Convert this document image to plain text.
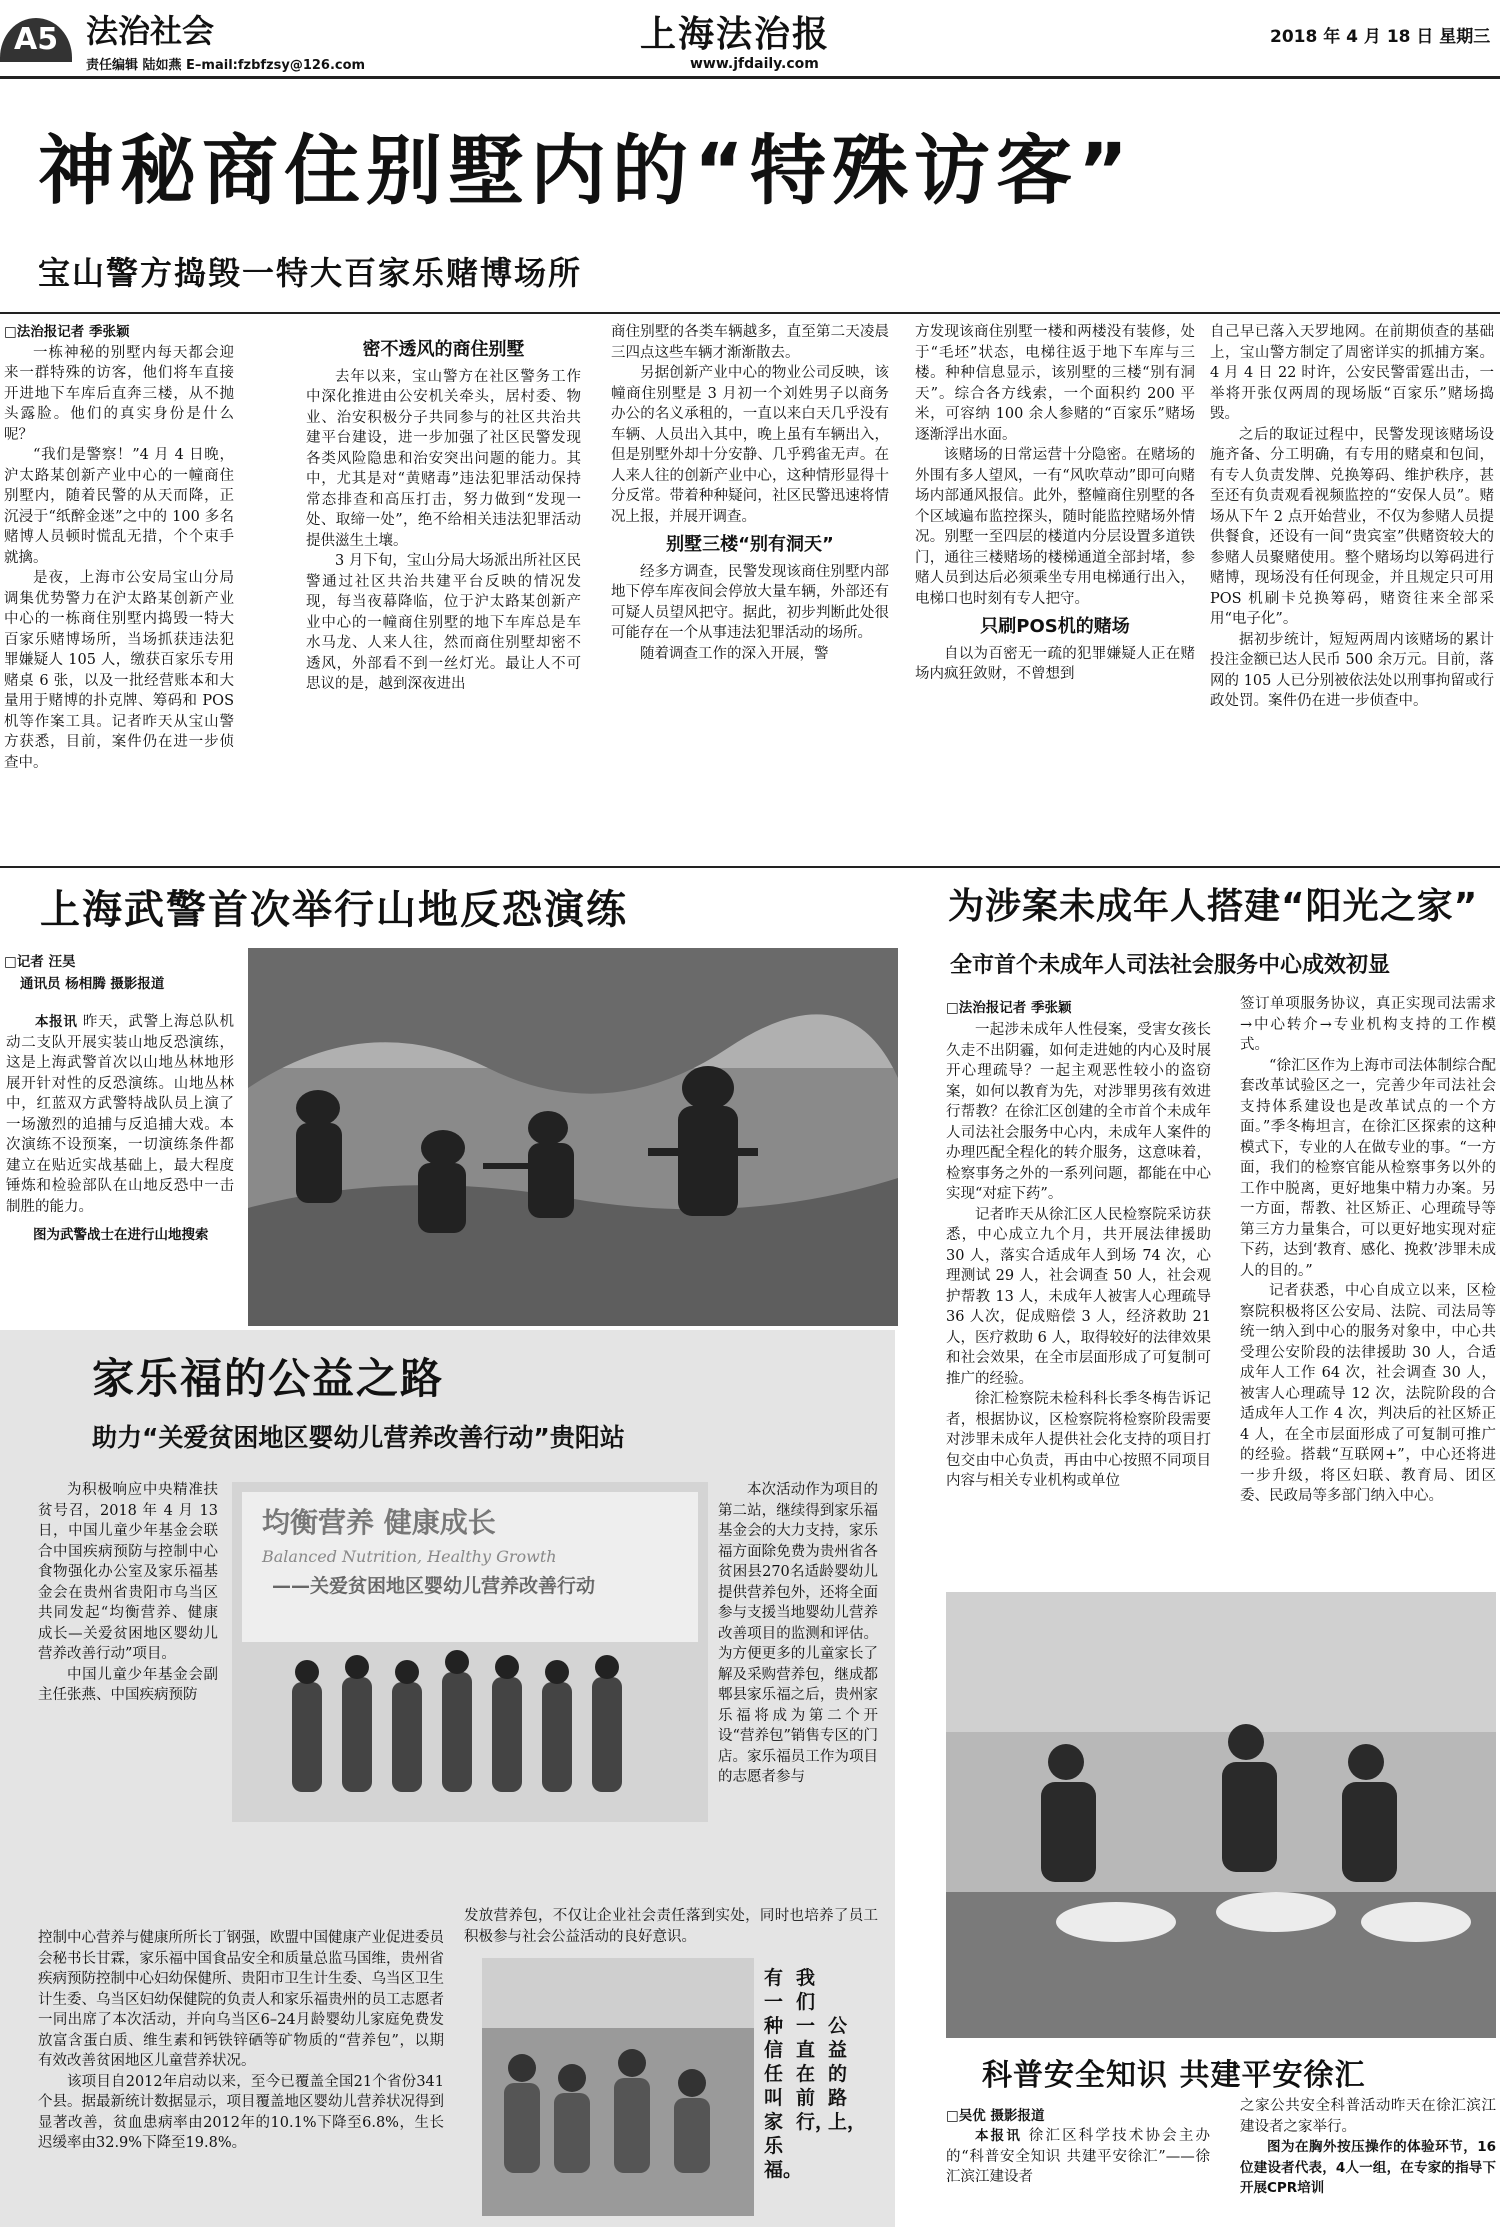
A5 法治社会
责任编辑 陆如燕 E–mail:fzbfzsy@126.com
上海法治报
www.jfdaily.com
2018 年 4 月 18 日 星期三
神秘商住别墅内的“特殊访客”
宝山警方捣毁一特大百家乐赌博场所
□法治报记者 季张颖

一栋神秘的别墅内每天都会迎来一群特殊的访客，他们将车直接开进地下车库后直奔三楼，从不抛头露脸。他们的真实身份是什么呢？

“我们是警察！”4 月 4 日晚，沪太路某创新产业中心的一幢商住别墅内，随着民警的从天而降，正沉浸于“纸醉金迷”之中的 100 多名赌博人员顿时慌乱无措，个个束手就擒。

是夜，上海市公安局宝山分局调集优势警力在沪太路某创新产业中心的一栋商住别墅内捣毁一特大百家乐赌博场所，当场抓获违法犯罪嫌疑人 105 人，缴获百家乐专用赌桌 6 张，以及一批经营账本和大量用于赌博的扑克牌、筹码和 POS 机等作案工具。记者昨天从宝山警方获悉，目前，案件仍在进一步侦查中。

密不透风的商住别墅

去年以来，宝山警方在社区警务工作中深化推进由公安机关牵头，居村委、物业、治安积极分子共同参与的社区共治共建平台建设，进一步加强了社区民警发现各类风险隐患和治安突出问题的能力。其中，尤其是对“黄赌毒”违法犯罪活动保持常态排查和高压打击，努力做到“发现一处、取缔一处”，绝不给相关违法犯罪活动提供滋生土壤。

3 月下旬，宝山分局大场派出所社区民警通过社区共治共建平台反映的情况发现，每当夜幕降临，位于沪太路某创新产业中心的一幢商住别墅的地下车库总是车水马龙、人来人往，然而商住别墅却密不透风，外部看不到一丝灯光。最让人不可思议的是，越到深夜进出

商住别墅的各类车辆越多，直至第二天凌晨三四点这些车辆才渐渐散去。

另据创新产业中心的物业公司反映，该幢商住别墅是 3 月初一个刘姓男子以商务办公的名义承租的，一直以来白天几乎没有车辆、人员出入其中，晚上虽有车辆出入，但是别墅外却十分安静、几乎鸦雀无声。在人来人往的创新产业中心，这种情形显得十分反常。带着种种疑问，社区民警迅速将情况上报，并展开调查。

别墅三楼“别有洞天”

经多方调查，民警发现该商住别墅内部地下停车库夜间会停放大量车辆，外部还有可疑人员望风把守。据此，初步判断此处很可能存在一个从事违法犯罪活动的场所。

随着调查工作的深入开展，警

方发现该商住别墅一楼和两楼没有装修，处于“毛坯”状态，电梯往返于地下车库与三楼。种种信息显示，该别墅的三楼“别有洞天”。综合各方线索，一个面积约 200 平米，可容纳 100 余人参赌的“百家乐”赌场逐渐浮出水面。

该赌场的日常运营十分隐密。在赌场的外围有多人望风，一有“风吹草动”即可向赌场内部通风报信。此外，整幢商住别墅的各个区域遍布监控探头，随时能监控赌场外情况。别墅一至四层的楼道内分层设置多道铁门，通往三楼赌场的楼梯通道全部封堵，参赌人员到达后必须乘坐专用电梯通行出入，电梯口也时刻有专人把守。

只刷POS机的赌场

自以为百密无一疏的犯罪嫌疑人正在赌场内疯狂敛财，不曾想到

自己早已落入天罗地网。在前期侦查的基础上，宝山警方制定了周密详实的抓捕方案。4 月 4 日 22 时许，公安民警雷霆出击，一举将开张仅两周的现场版“百家乐”赌场捣毁。

之后的取证过程中，民警发现该赌场设施齐备、分工明确，有专用的赌桌和包间，有专人负责发牌、兑换筹码、维护秩序，甚至还有负责观看视频监控的“安保人员”。赌场从下午 2 点开始营业，不仅为参赌人员提供餐食，还设有一间“贵宾室”供赌资较大的参赌人员聚赌使用。整个赌场均以筹码进行赌博，现场没有任何现金，并且规定只可用 POS 机刷卡兑换筹码，赌资往来全部采用“电子化”。

据初步统计，短短两周内该赌场的累计投注金额已达人民币 500 余万元。目前，落网的 105 人已分别被依法处以刑事拘留或行政处罚。案件仍在进一步侦查中。

上海武警首次举行山地反恐演练
□记者 汪昊
通讯员 杨相腾 摄影报道

本报讯 昨天，武警上海总队机动二支队开展实装山地反恐演练，这是上海武警首次以山地丛林地形展开针对性的反恐演练。山地丛林中，红蓝双方武警特战队员上演了一场激烈的追捕与反追捕大戏。本次演练不设预案，一切演练条件都建立在贴近实战基础上，最大程度锤炼和检验部队在山地反恐中一击制胜的能力。

图为武警战士在进行山地搜索

为涉案未成年人搭建“阳光之家”
全市首个未成年人司法社会服务中心成效初显
□法治报记者 季张颖

一起涉未成年人性侵案，受害女孩长久走不出阴霾，如何走进她的内心及时展开心理疏导？一起主观恶性较小的盗窃案，如何以教育为先，对涉罪男孩有效进行帮教？在徐汇区创建的全市首个未成年人司法社会服务中心内，未成年人案件的办理匹配全程化的转介服务，这意味着，检察事务之外的一系列问题，都能在中心实现“对症下药”。

记者昨天从徐汇区人民检察院采访获悉，中心成立九个月，共开展法律援助 30 人，落实合适成年人到场 74 次，心理测试 29 人，社会调查 50 人，社会观护帮教 13 人，未成年人被害人心理疏导 36 人次，促成赔偿 3 人，经济救助 21 人，医疗救助 6 人，取得较好的法律效果和社会效果，在全市层面形成了可复制可推广的经验。

徐汇检察院未检科科长季冬梅告诉记者，根据协议，区检察院将检察阶段需要对涉罪未成年人提供社会化支持的项目打包交由中心负责，再由中心按照不同项目内容与相关专业机构或单位

签订单项服务协议，真正实现司法需求→中心转介→专业机构支持的工作模式。

“徐汇区作为上海市司法体制综合配套改革试验区之一，完善少年司法社会支持体系建设也是改革试点的一个方面。”季冬梅坦言，在徐汇区探索的这种模式下，专业的人在做专业的事。“一方面，我们的检察官能从检察事务以外的工作中脱离，更好地集中精力办案。另一方面，帮教、社区矫正、心理疏导等第三方力量集合，可以更好地实现对症下药，达到‘教育、感化、挽救’涉罪未成人的目的。”

记者获悉，中心自成立以来，区检察院积极将区公安局、法院、司法局等统一纳入到中心的服务对象中，中心共受理公安阶段的法律援助 30 人，合适成年人工作 64 次，社会调查 30 人，被害人心理疏导 12 次，法院阶段的合适成年人工作 4 次，判决后的社区矫正 4 人，在全市层面形成了可复制可推广的经验。搭载“互联网+”，中心还将进一步升级，将区妇联、教育局、团区委、民政局等多部门纳入中心。

家乐福的公益之路
助力“关爱贫困地区婴幼儿营养改善行动”贵阳站

为积极响应中央精准扶贫号召，2018 年 4 月 13 日，中国儿童少年基金会联合中国疾病预防与控制中心食物强化办公室及家乐福基金会在贵州省贵阳市乌当区共同发起“均衡营养、健康成长—关爱贫困地区婴幼儿营养改善行动”项目。

中国儿童少年基金会副主任张燕、中国疾病预防

均衡营养 健康成长
Balanced Nutrition, Healthy Growth
——关爱贫困地区婴幼儿营养改善行动

本次活动作为项目的第二站，继续得到家乐福基金会的大力支持，家乐福方面除免费为贵州省各贫困县270名适龄婴幼儿提供营养包外，还将全面参与支援当地婴幼儿营养改善项目的监测和评估。为方便更多的儿童家长了解及采购营养包，继成都郫县家乐福之后，贵州家乐福将成为第二个开设“营养包”销售专区的门店。家乐福员工作为项目的志愿者参与

控制中心营养与健康所所长丁钢强，欧盟中国健康产业促进委员会秘书长甘霖，家乐福中国食品安全和质量总监马国维，贵州省疾病预防控制中心妇幼保健所、贵阳市卫生计生委、乌当区卫生计生委、乌当区妇幼保健院的负责人和家乐福贵州的员工志愿者一同出席了本次活动，并向乌当区6–24月龄婴幼儿家庭免费发放富含蛋白质、维生素和钙铁锌硒等矿物质的“营养包”，以期有效改善贫困地区儿童营养状况。

该项目自2012年启动以来，至今已覆盖全国21个省份341个县。据最新统计数据显示，项目覆盖地区婴幼儿营养状况得到显著改善，贫血患病率由2012年的10.1%下降至6.8%，生长迟缓率由32.9%下降至19.8%。

发放营养包，不仅让企业社会责任落到实处，同时也培养了员工积极参与社会公益活动的良好意识。

有一种信任叫家乐福。
我们一直在前行，
公益的路上，
科普安全知识 共建平安徐汇
□吴优 摄影报道

本报讯 徐汇区科学技术协会主办的“科普安全知识 共建平安徐汇”——徐汇滨江建设者

之家公共安全科普活动昨天在徐汇滨江建设者之家举行。

图为在胸外按压操作的体验环节，16位建设者代表，4人一组，在专家的指导下开展CPR培训
